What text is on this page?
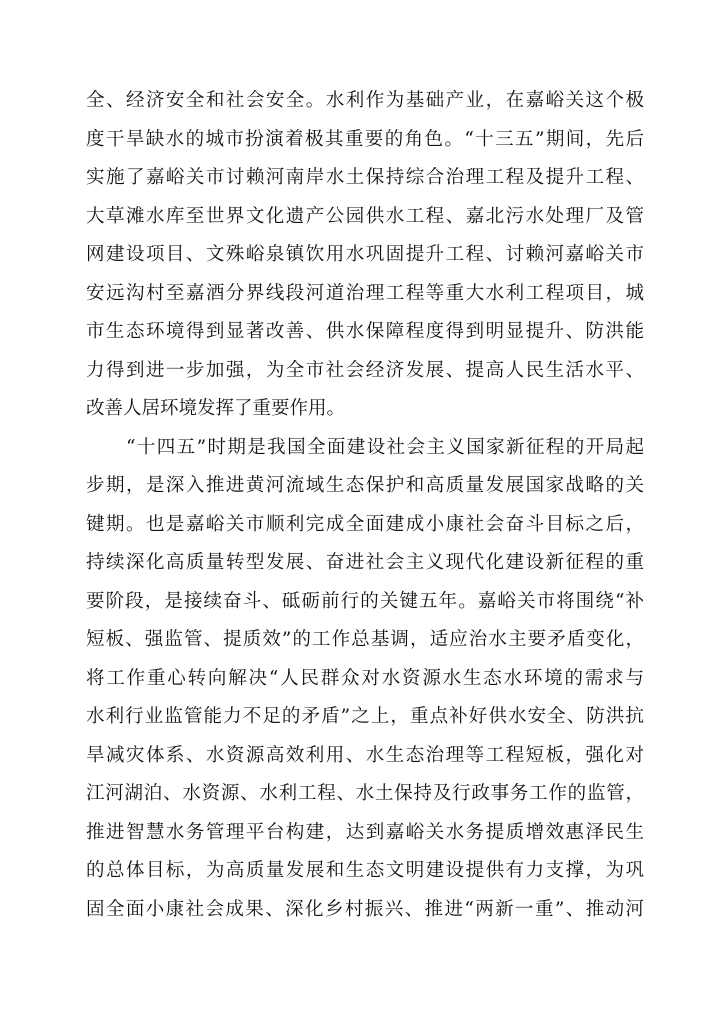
全、经济安全和社会安全。水利作为基础产业，在嘉峪关这个极
度干旱缺水的城市扮演着极其重要的角色。“十三五”期间，先后
实施了嘉峪关市讨赖河南岸水土保持综合治理工程及提升工程、
大草滩水库至世界文化遗产公园供水工程、嘉北污水处理厂及管
网建设项目、文殊峪泉镇饮用水巩固提升工程、讨赖河嘉峪关市
安远沟村至嘉酒分界线段河道治理工程等重大水利工程项目，城
市生态环境得到显著改善、供水保障程度得到明显提升、防洪能
力得到进一步加强，为全市社会经济发展、提高人民生活水平、
改善人居环境发挥了重要作用。
“十四五”时期是我国全面建设社会主义国家新征程的开局起
步期，是深入推进黄河流域生态保护和高质量发展国家战略的关
键期。也是嘉峪关市顺利完成全面建成小康社会奋斗目标之后，
持续深化高质量转型发展、奋进社会主义现代化建设新征程的重
要阶段，是接续奋斗、砥砺前行的关键五年。嘉峪关市将围绕“补
短板、强监管、提质效”的工作总基调，适应治水主要矛盾变化，
将工作重心转向解决“人民群众对水资源水生态水环境的需求与
水利行业监管能力不足的矛盾”之上，重点补好供水安全、防洪抗
旱减灾体系、水资源高效利用、水生态治理等工程短板，强化对
江河湖泊、水资源、水利工程、水土保持及行政事务工作的监管，
推进智慧水务管理平台构建，达到嘉峪关水务提质增效惠泽民生
的总体目标，为高质量发展和生态文明建设提供有力支撑，为巩
固全面小康社会成果、深化乡村振兴、推进“两新一重”、推动河
